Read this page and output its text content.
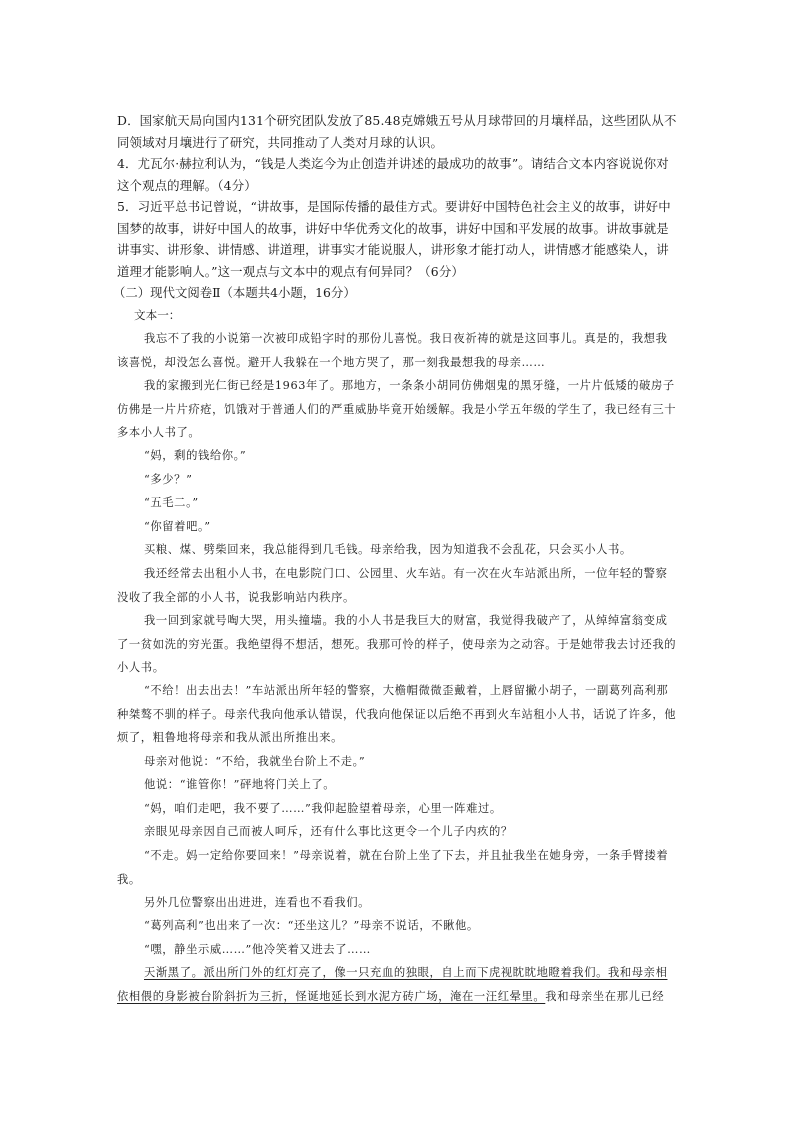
D．国家航天局向国内131个研究团队发放了85.48克嫦娥五号从月球带回的月壤样品，这些团队从不同领域对月壤进行了研究，共同推动了人类对月球的认识。

4．尤瓦尔·赫拉利认为，“钱是人类迄今为止创造并讲述的最成功的故事”。请结合文本内容说说你对这个观点的理解。（4分）

5．习近平总书记曾说，“讲故事，是国际传播的最佳方式。要讲好中国特色社会主义的故事，讲好中国梦的故事，讲好中国人的故事，讲好中华优秀文化的故事，讲好中国和平发展的故事。讲故事就是讲事实、讲形象、讲情感、讲道理，讲事实才能说服人，讲形象才能打动人，讲情感才能感染人，讲道理才能影响人。”这一观点与文本中的观点有何异同？（6分）

（二）现代文阅卷Ⅱ（本题共4小题，16分）

文本一：

我忘不了我的小说第一次被印成铅字时的那份儿喜悦。我日夜祈祷的就是这回事儿。真是的，我想我该喜悦，却没怎么喜悦。避开人我躲在一个地方哭了，那一刻我最想我的母亲……

我的家搬到光仁街已经是1963年了。那地方，一条条小胡同仿佛烟鬼的黑牙缝，一片片低矮的破房子仿佛是一片片疥疮，饥饿对于普通人们的严重威胁毕竟开始缓解。我是小学五年级的学生了，我已经有三十多本小人书了。

“妈，剩的钱给你。”

“多少？”

“五毛二。”

“你留着吧。”

买粮、煤、劈柴回来，我总能得到几毛钱。母亲给我，因为知道我不会乱花，只会买小人书。

我还经常去出租小人书，在电影院门口、公园里、火车站。有一次在火车站派出所，一位年轻的警察没收了我全部的小人书，说我影响站内秩序。

我一回到家就号啕大哭，用头撞墙。我的小人书是我巨大的财富，我觉得我破产了，从绰绰富翁变成了一贫如洗的穷光蛋。我绝望得不想活，想死。我那可怜的样子，使母亲为之动容。于是她带我去讨还我的小人书。

“不给！出去出去！”车站派出所年轻的警察，大檐帽微微歪戴着，上唇留撇小胡子，一副葛列高利那种桀骜不驯的样子。母亲代我向他承认错误，代我向他保证以后绝不再到火车站租小人书，话说了许多，他烦了，粗鲁地将母亲和我从派出所推出来。

母亲对他说：“不给，我就坐台阶上不走。”

他说：“谁管你！”砰地将门关上了。

“妈，咱们走吧，我不要了……”我仰起脸望着母亲，心里一阵难过。

亲眼见母亲因自己而被人呵斥，还有什么事比这更令一个儿子内疚的？

“不走。妈一定给你要回来！”母亲说着，就在台阶上坐了下去，并且扯我坐在她身旁，一条手臂搂着我。

另外几位警察出出进进，连看也不看我们。

“葛列高利”也出来了一次：“还坐这儿？”母亲不说话，不瞅他。

“嘿，静坐示威……”他冷笑着又进去了……

天渐黑了。派出所门外的红灯亮了，像一只充血的独眼，自上而下虎视眈眈地瞪着我们。我和母亲相依相偎的身影被台阶斜折为三折，怪诞地延长到水泥方砖广场，淹在一汪红晕里。我和母亲坐在那儿已经
